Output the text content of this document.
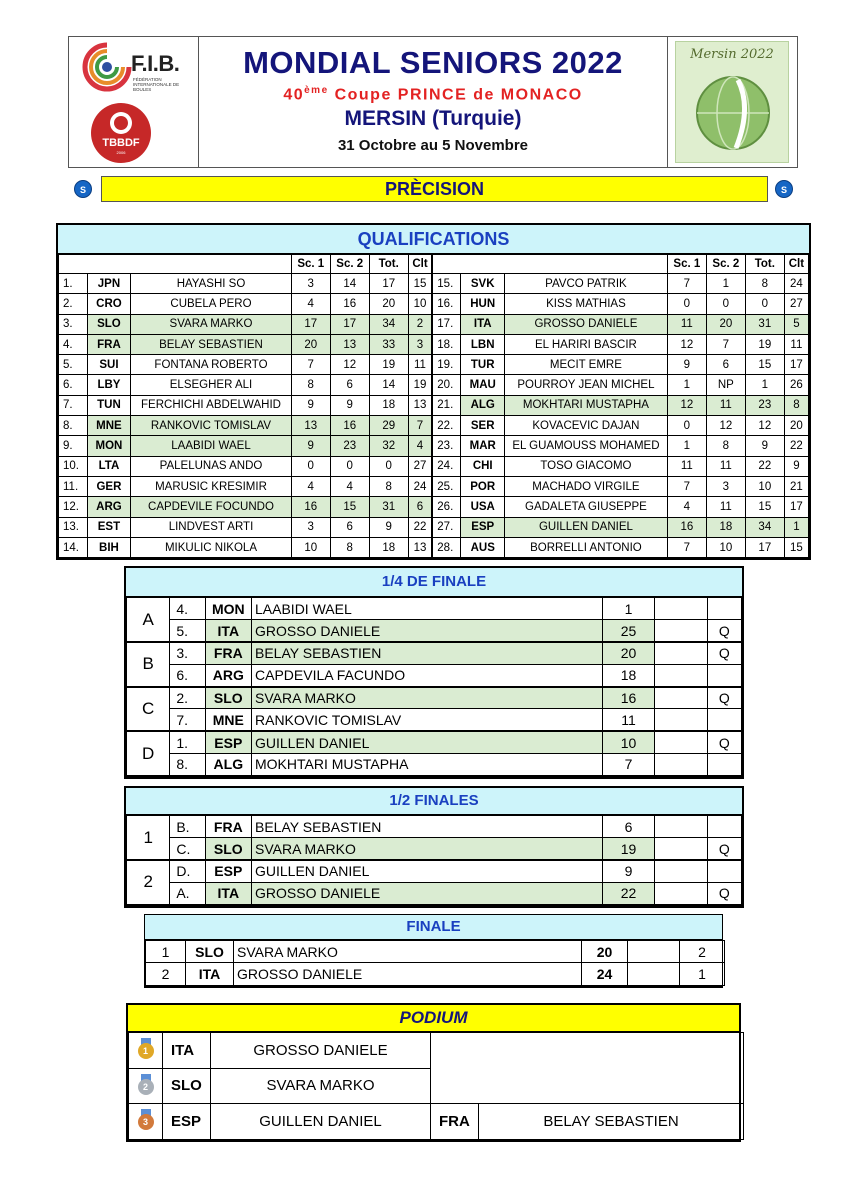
F.I.B.
FÉDÉRATION INTERNATIONALE DE BOULES
TBBDF
2006
MONDIAL SENIORS 2022
40ème Coupe PRINCE de MONACO
MERSIN (Turquie)
31 Octobre au 5 Novembre
Mersin 2022
S	PRÈCISION	S
QUALIFICATIONS
			Sc. 1	Sc. 2	Tot.	Clt				Sc. 1	Sc. 2	Tot.	Clt
1.	JPN	HAYASHI SO	3	14	17	15	15.	SVK	PAVCO PATRIK	7	1	8	24
2.	CRO	CUBELA PERO	4	16	20	10	16.	HUN	KISS MATHIAS	0	0	0	27
3.	SLO	SVARA MARKO	17	17	34	2	17.	ITA	GROSSO DANIELE	11	20	31	5
4.	FRA	BELAY SEBASTIEN	20	13	33	3	18.	LBN	EL HARIRI BASCIR	12	7	19	11
5.	SUI	FONTANA ROBERTO	7	12	19	11	19.	TUR	MECIT EMRE	9	6	15	17
6.	LBY	ELSEGHER ALI	8	6	14	19	20.	MAU	POURROY JEAN MICHEL	1	NP	1	26
7.	TUN	FERCHICHI ABDELWAHID	9	9	18	13	21.	ALG	MOKHTARI MUSTAPHA	12	11	23	8
8.	MNE	RANKOVIC TOMISLAV	13	16	29	7	22.	SER	KOVACEVIC DAJAN	0	12	12	20
9.	MON	LAABIDI WAEL	9	23	32	4	23.	MAR	EL GUAMOUSS MOHAMED	1	8	9	22
10.	LTA	PALELUNAS ANDO	0	0	0	27	24.	CHI	TOSO GIACOMO	11	11	22	9
11.	GER	MARUSIC KRESIMIR	4	4	8	24	25.	POR	MACHADO VIRGILE	7	3	10	21
12.	ARG	CAPDEVILE FOCUNDO	16	15	31	6	26.	USA	GADALETA GIUSEPPE	4	11	15	17
13.	EST	LINDVEST ARTI	3	6	9	22	27.	ESP	GUILLEN DANIEL	16	18	34	1
14.	BIH	MIKULIC NIKOLA	10	8	18	13	28.	AUS	BORRELLI ANTONIO	7	10	17	15
1/4 DE FINALE
A	4.	MON	LAABIDI WAEL	1		
	5.	ITA	GROSSO DANIELE	25		Q
B	3.	FRA	BELAY SEBASTIEN	20		Q
	6.	ARG	CAPDEVILA FACUNDO	18		
C	2.	SLO	SVARA MARKO	16		Q
	7.	MNE	RANKOVIC TOMISLAV	11		
D	1.	ESP	GUILLEN DANIEL	10		Q
	8.	ALG	MOKHTARI MUSTAPHA	7		
1/2 FINALES
1	B.	FRA	BELAY SEBASTIEN	6		
	C.	SLO	SVARA MARKO	19		Q
2	D.	ESP	GUILLEN DANIEL	9		
	A.	ITA	GROSSO DANIELE	22		Q
FINALE
1	SLO	SVARA MARKO	20		2
2	ITA	GROSSO DANIELE	24		1
PODIUM
1	ITA	GROSSO DANIELE		

2	SLO	SVARA MARKO		

3	ESP	GUILLEN DANIEL	FRA	BELAY SEBASTIEN
